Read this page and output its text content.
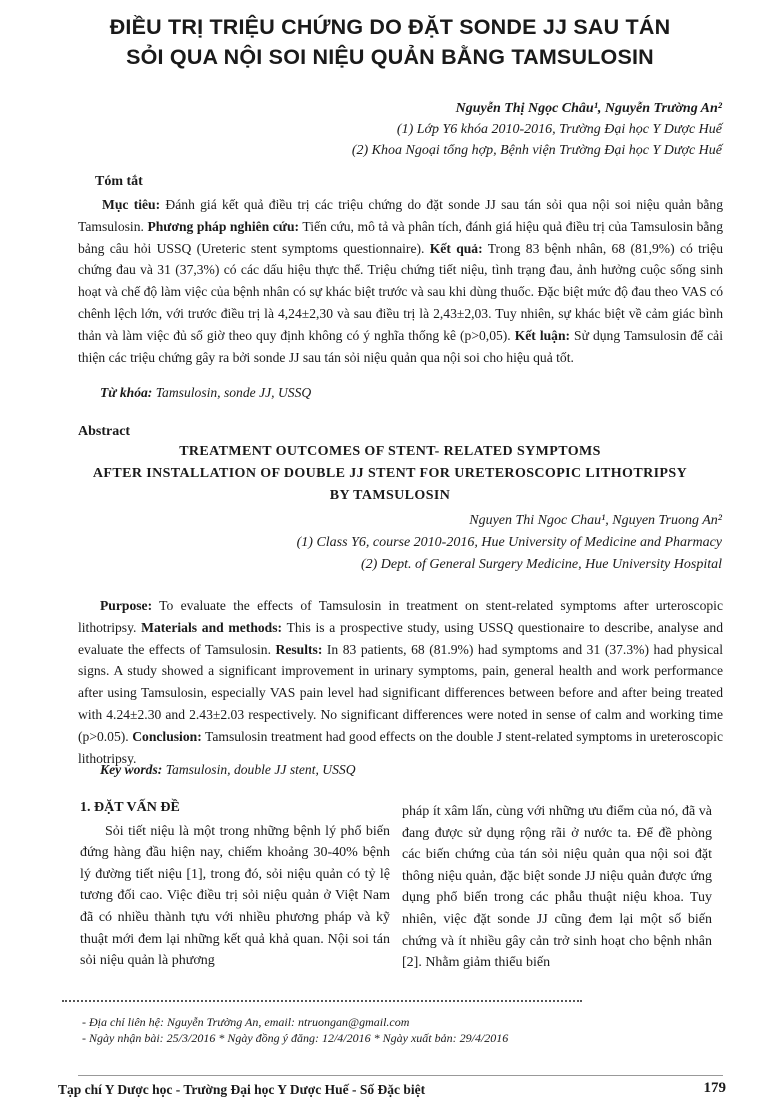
ĐIỀU TRỊ TRIỆU CHỨNG DO ĐẶT SONDE JJ SAU TÁN
SỎI QUA NỘI SOI NIỆU QUẢN BẰNG TAMSULOSIN
Nguyễn Thị Ngọc Châu¹, Nguyễn Trường An²
(1) Lớp Y6 khóa 2010-2016, Trường Đại học Y Dược Huế
(2) Khoa Ngoại tổng hợp, Bệnh viện Trường Đại học Y Dược Huế
Tóm tắt

Mục tiêu: Đánh giá kết quả điều trị các triệu chứng do đặt sonde JJ sau tán sỏi qua nội soi niệu quản bằng Tamsulosin. Phương pháp nghiên cứu: Tiến cứu, mô tả và phân tích, đánh giá hiệu quả điều trị của Tamsulosin bằng bảng câu hỏi USSQ (Ureteric stent symptoms questionnaire). Kết quả: Trong 83 bệnh nhân, 68 (81,9%) có triệu chứng đau và 31 (37,3%) có các dấu hiệu thực thể. Triệu chứng tiết niệu, tình trạng đau, ảnh hưởng cuộc sống sinh hoạt và chế độ làm việc của bệnh nhân có sự khác biệt trước và sau khi dùng thuốc. Đặc biệt mức độ đau theo VAS có chênh lệch lớn, với trước điều trị là 4,24±2,30 và sau điều trị là 2,43±2,03. Tuy nhiên, sự khác biệt về cảm giác bình thản và làm việc đủ số giờ theo quy định không có ý nghĩa thống kê (p>0,05). Kết luận: Sử dụng Tamsulosin để cải thiện các triệu chứng gây ra bởi sonde JJ sau tán sỏi niệu quản qua nội soi cho hiệu quả tốt.

Từ khóa: Tamsulosin, sonde JJ, USSQ
Abstract
TREATMENT OUTCOMES OF STENT- RELATED SYMPTOMS
AFTER INSTALLATION OF DOUBLE JJ STENT FOR URETEROSCOPIC LITHOTRIPSY
BY TAMSULOSIN
Nguyen Thi Ngoc Chau¹, Nguyen Truong An²
(1) Class Y6, course 2010-2016, Hue University of Medicine and Pharmacy
(2) Dept. of General Surgery Medicine, Hue University Hospital

Purpose: To evaluate the effects of Tamsulosin in treatment on stent-related symptoms after urteroscopic lithotripsy. Materials and methods: This is a prospective study, using USSQ questionaire to describe, analyse and evaluate the effects of Tamsulosin. Results: In 83 patients, 68 (81.9%) had symptoms and 31 (37.3%) had physical signs. A study showed a significant improvement in urinary symptoms, pain, general health and work performance after using Tamsulosin, especially VAS pain level had significant differences between before and after being treated with 4.24±2.30 and 2.43±2.03 respectively. No significant differences were noted in sense of calm and working time (p>0.05). Conclusion: Tamsulosin treatment had good effects on the double J stent-related symptoms in ureteroscopic lithotripsy.

Key words: Tamsulosin, double JJ stent, USSQ
1. ĐẶT VẤN ĐỀ

Sỏi tiết niệu là một trong những bệnh lý phổ biến đứng hàng đầu hiện nay, chiếm khoảng 30-40% bệnh lý đường tiết niệu [1], trong đó, sỏi niệu quản có tỷ lệ tương đối cao. Việc điều trị sỏi niệu quản ở Việt Nam đã có nhiều thành tựu với nhiều phương pháp và kỹ thuật mới đem lại những kết quả khả quan. Nội soi tán sỏi niệu quản là phương

pháp ít xâm lấn, cùng với những ưu điểm của nó, đã và đang được sử dụng rộng rãi ở nước ta. Để đề phòng các biến chứng của tán sỏi niệu quản qua nội soi đặt thông niệu quản, đặc biệt sonde JJ niệu quản được ứng dụng phổ biến trong các phẫu thuật niệu khoa. Tuy nhiên, việc đặt sonde JJ cũng đem lại một số biến chứng và ít nhiều gây cản trở sinh hoạt cho bệnh nhân [2]. Nhằm giảm thiểu biến

- Địa chỉ liên hệ: Nguyễn Trường An, email: ntruongan@gmail.com
- Ngày nhận bài: 25/3/2016 * Ngày đồng ý đăng: 12/4/2016 * Ngày xuất bản: 29/4/2016
Tạp chí Y Dược học - Trường Đại học Y Dược Huế - Số Đặc biệt	179
